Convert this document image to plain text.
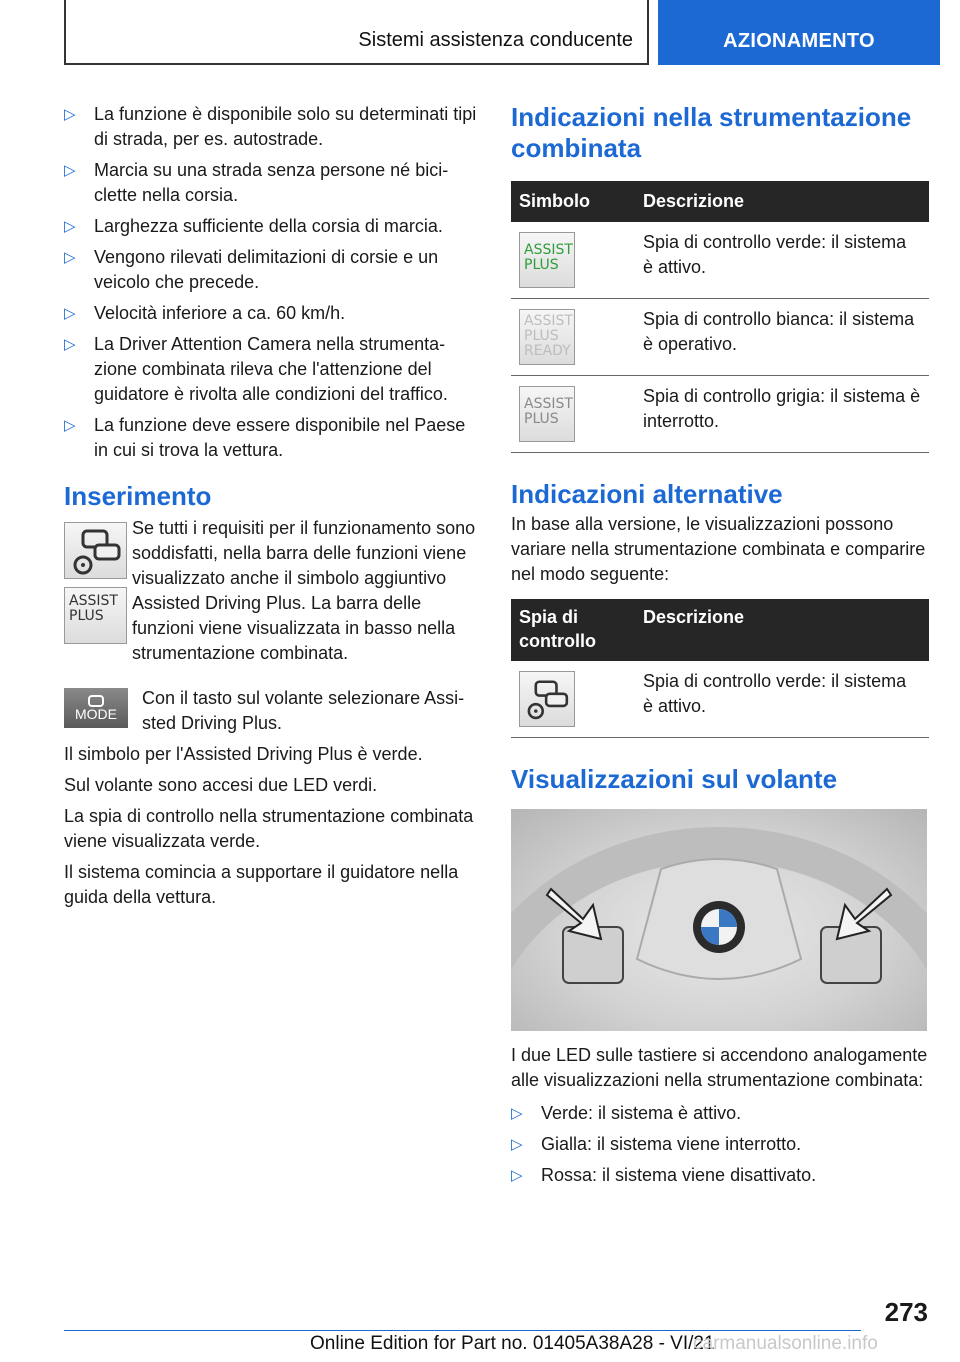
Sistemi assistenza conducente	AZIONAMENTO
▷ La funzione è disponibile solo su determinati tipi di strada, per es. autostrade.
▷ Marcia su una strada senza persone né biciclette nella corsia.
▷ Larghezza sufficiente della corsia di marcia.
▷ Vengono rilevati delimitazioni di corsie e un veicolo che precede.
▷ Velocità inferiore a ca. 60 km/h.
▷ La Driver Attention Camera nella strumentazione combinata rileva che l'attenzione del guidatore è rivolta alle condizioni del traffico.
▷ La funzione deve essere disponibile nel Paese in cui si trova la vettura.
Inserimento
ASSIST
PLUS

Se tutti i requisiti per il funzionamento sono soddisfatti, nella barra delle funzioni viene visualizzato anche il simbolo aggiuntivo Assisted Driving Plus. La barra delle funzioni viene visualizzata in basso nella strumentazione combinata.

MODE

Con il tasto sul volante selezionare Assisted Driving Plus.

Il simbolo per l'Assisted Driving Plus è verde.

Sul volante sono accesi due LED verdi.

La spia di controllo nella strumentazione combinata viene visualizzata verde.

Il sistema comincia a supportare il guidatore nella guida della vettura.

Indicazioni nella strumentazione combinata
Simbolo	Descrizione
ASSIST
PLUS
Spia di controllo verde: il sistema è attivo.
ASSIST
PLUS
READY
Spia di controllo bianca: il sistema è operativo.
ASSIST
PLUS
Spia di controllo grigia: il sistema è interrotto.
Indicazioni alternative

In base alla versione, le visualizzazioni possono variare nella strumentazione combinata e comparire nel modo seguente:

Spia di controllo
Descrizione
Spia di controllo verde: il sistema è attivo.
Visualizzazioni sul volante

I due LED sulle tastiere si accendono analogamente alle visualizzazioni nella strumentazione combinata:

▷ Verde: il sistema è attivo.
▷ Gialla: il sistema viene interrotto.
▷ Rossa: il sistema viene disattivato.
273
Online Edition for Part no. 01405A38A28 - VI/21
carmanualsonline.info
